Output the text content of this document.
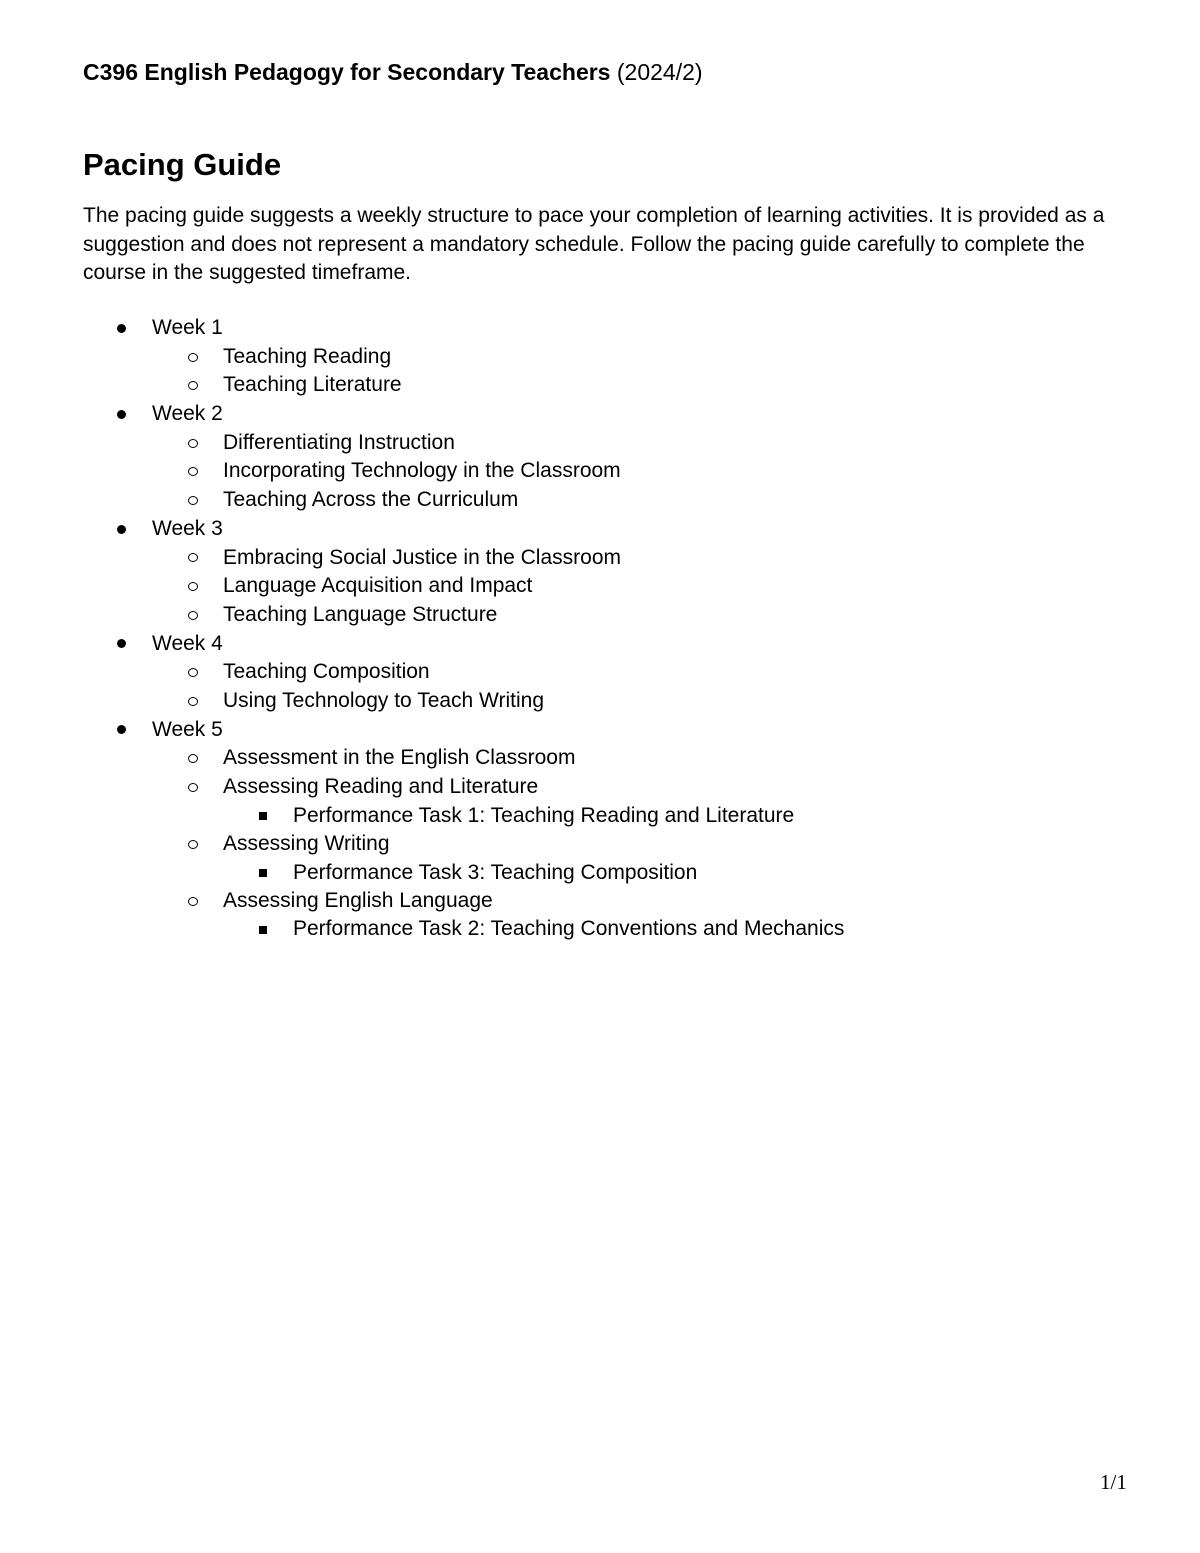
C396 English Pedagogy for Secondary Teachers (2024/2)
Pacing Guide

The pacing guide suggests a weekly structure to pace your completion of learning activities. It is provided as a suggestion and does not represent a mandatory schedule. Follow the pacing guide carefully to complete the course in the suggested timeframe.

Week 1
Teaching Reading
Teaching Literature
Week 2
Differentiating Instruction
Incorporating Technology in the Classroom
Teaching Across the Curriculum
Week 3
Embracing Social Justice in the Classroom
Language Acquisition and Impact
Teaching Language Structure
Week 4
Teaching Composition
Using Technology to Teach Writing
Week 5
Assessment in the English Classroom
Assessing Reading and Literature
Performance Task 1: Teaching Reading and Literature
Assessing Writing
Performance Task 3: Teaching Composition
Assessing English Language
Performance Task 2: Teaching Conventions and Mechanics
1/1
